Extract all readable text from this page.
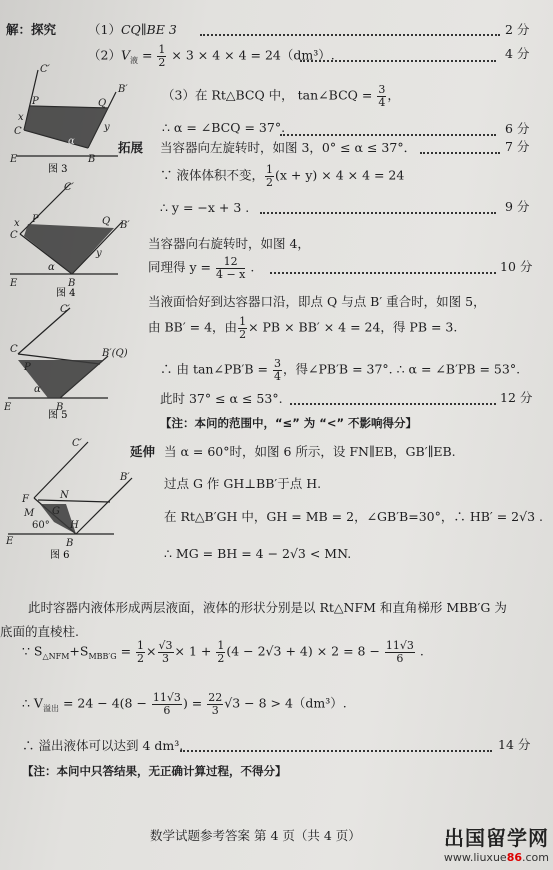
解：探究	（1）CQ∥BE 3	2 分
$(2)V_液 = \frac{1}{2} \times 3 \times 4 \times 4 = 24(dm^3)$.	4 分
C′
B′
P	Q
C
B
E
α
x
y
图 3
（3）在 Rt△BCQ 中， tan∠BCQ = $\frac{3}{4}$ ，
∴ α = ∠BCQ = 37°.	6 分
拓展 当容器向左旋转时，如图 3，0° ≤ α ≤ 37°．	7 分
∵ 液体体积不变， $\frac{1}{2} (x + y) \times 4 \times 4 = 24$
∴ y = −x + 3 .	9 分
C′
P	Q B′
C
E	B
α
x
y
图 4
当容器向右旋转时，如图 4，
同理得 $y = \frac{12}{4 - x}$ .	10 分
当液面恰好到达容器口沿，即点 Q 与点 B′ 重合时，如图 5，
由 BB′ = 4，由 $\frac{1}{2}$ × PB × BB′ × 4 = 24，得 PB = 3.
C′
C	B′(Q)
P
α
E	B
图 5
∴ 由 tan∠PB′B = $\frac{3}{4}$ ，得∠PB′B = 37°. ∴ α = ∠B′PB = 53°.
此时 37° ≤ α ≤ 53°.	12 分
【注：本问的范围中，“≤” 为 “<” 不影响得分】
延伸 当 α = 60°时，如图 6 所示，设 FN∥EB，GB′∥EB.
过点 G 作 GH⊥BB′于点 H.
在 Rt△B′GH 中，GH = MB = 2，∠GB′B=30°，∴ HB′ = 2√3 .
∴ MG = BH = 4 − 2√3 < MN.
C′
B′
N
F
M G
60° H
E	B
图 6
此时容器内液体形成两层液面，液体的形状分别是以 Rt△NFM 和直角梯形 MBB′G 为
底面的直棱柱.
∵ $S_{\triangle NFM}+S_{MBB'G} = \frac{1}{2} \times \frac{√3}{3} \times 1 + \frac{1}{2} (4 - 2√3 + 4) \times 2 = 8 - \frac{11√3}{6}$ .
∴ $V_{溢出} = 24 - 4(8 - \frac{11√3}{6}$ ) = $\frac{22}{3} √3 - 8 > 4(dm^3)$.
∴ 溢出液体可以达到 4 dm³.	14 分
【注：本问中只答结果，无正确计算过程，不得分】
数学试题参考答案 第 4 页（共 4 页）	出国留学网
www.liuxue86.com
